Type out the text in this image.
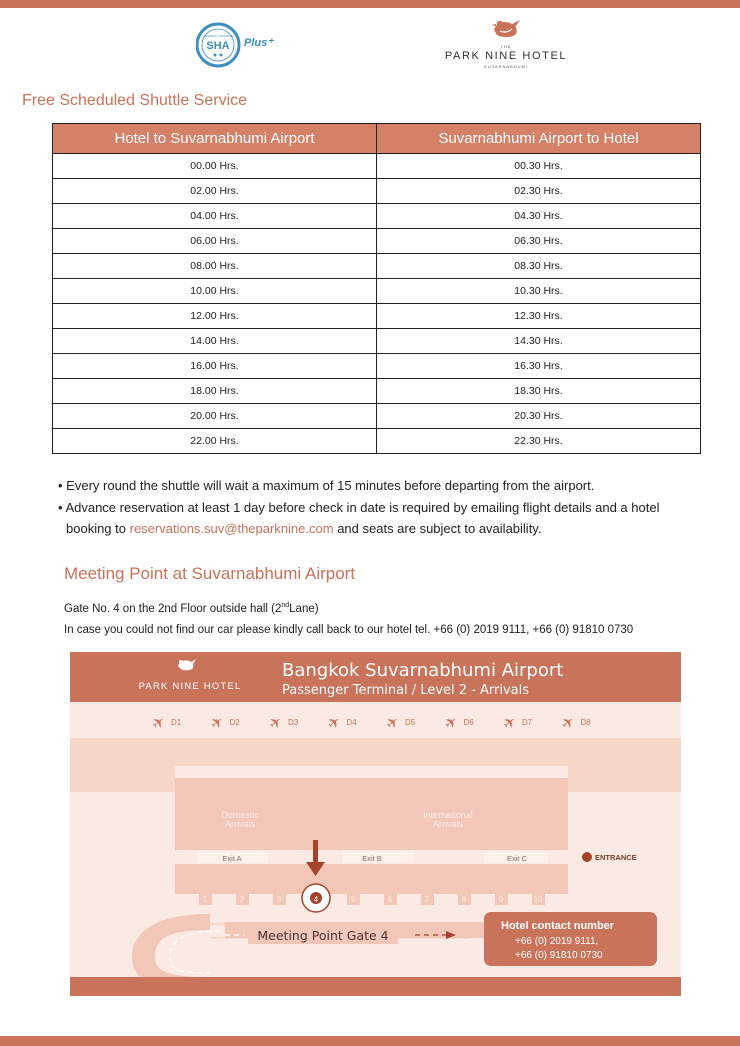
AMAZING THAILAND
SHA Plus⁺	THE
PARK NINE HOTEL
SUVARNABHUMI
Free Scheduled Shuttle Service
Hotel to Suvarnabhumi Airport	Suvarnabhumi Airport to Hotel
00.00 Hrs.	00.30 Hrs.
02.00 Hrs.	02.30 Hrs.
04.00 Hrs.	04.30 Hrs.
06.00 Hrs.	06.30 Hrs.
08.00 Hrs.	08.30 Hrs.
10.00 Hrs.	10.30 Hrs.
12.00 Hrs.	12.30 Hrs.
14.00 Hrs.	14.30 Hrs.
16.00 Hrs.	16.30 Hrs.
18.00 Hrs.	18.30 Hrs.
20.00 Hrs.	20.30 Hrs.
22.00 Hrs.	22.30 Hrs.

• Every round the shuttle will wait a maximum of 15 minutes before departing from the airport.

• Advance reservation at least 1 day before check in date is required by emailing flight details and a hotel

booking to reservations.suv@theparknine.com and seats are subject to availability.

Meeting Point at Suvarnabhumi Airport

Gate No. 4 on the 2nd Floor outside hall (2ndLane)

In case you could not find our car please kindly call back to our hotel tel. +66 (0) 2019 9111, +66 (0) 91810 0730

PARK NINE HOTEL
Bangkok Suvarnabhumi Airport
Passenger Terminal / Level 2 - Arrivals
✈ D1 ✈ D2 ✈ D3 ✈ D4 ✈ D5 ✈ D6 ✈ D7 ✈ D8
Domestic
Arrivals
International
Arrivals
Exit A	Exit B	Exit C	ENTRANCE
1	2	3	4	5	6	7	8	9	10
Meeting Point Gate 4
Hotel contact number
+66 (0) 2019 9111,
+66 (0) 91810 0730
